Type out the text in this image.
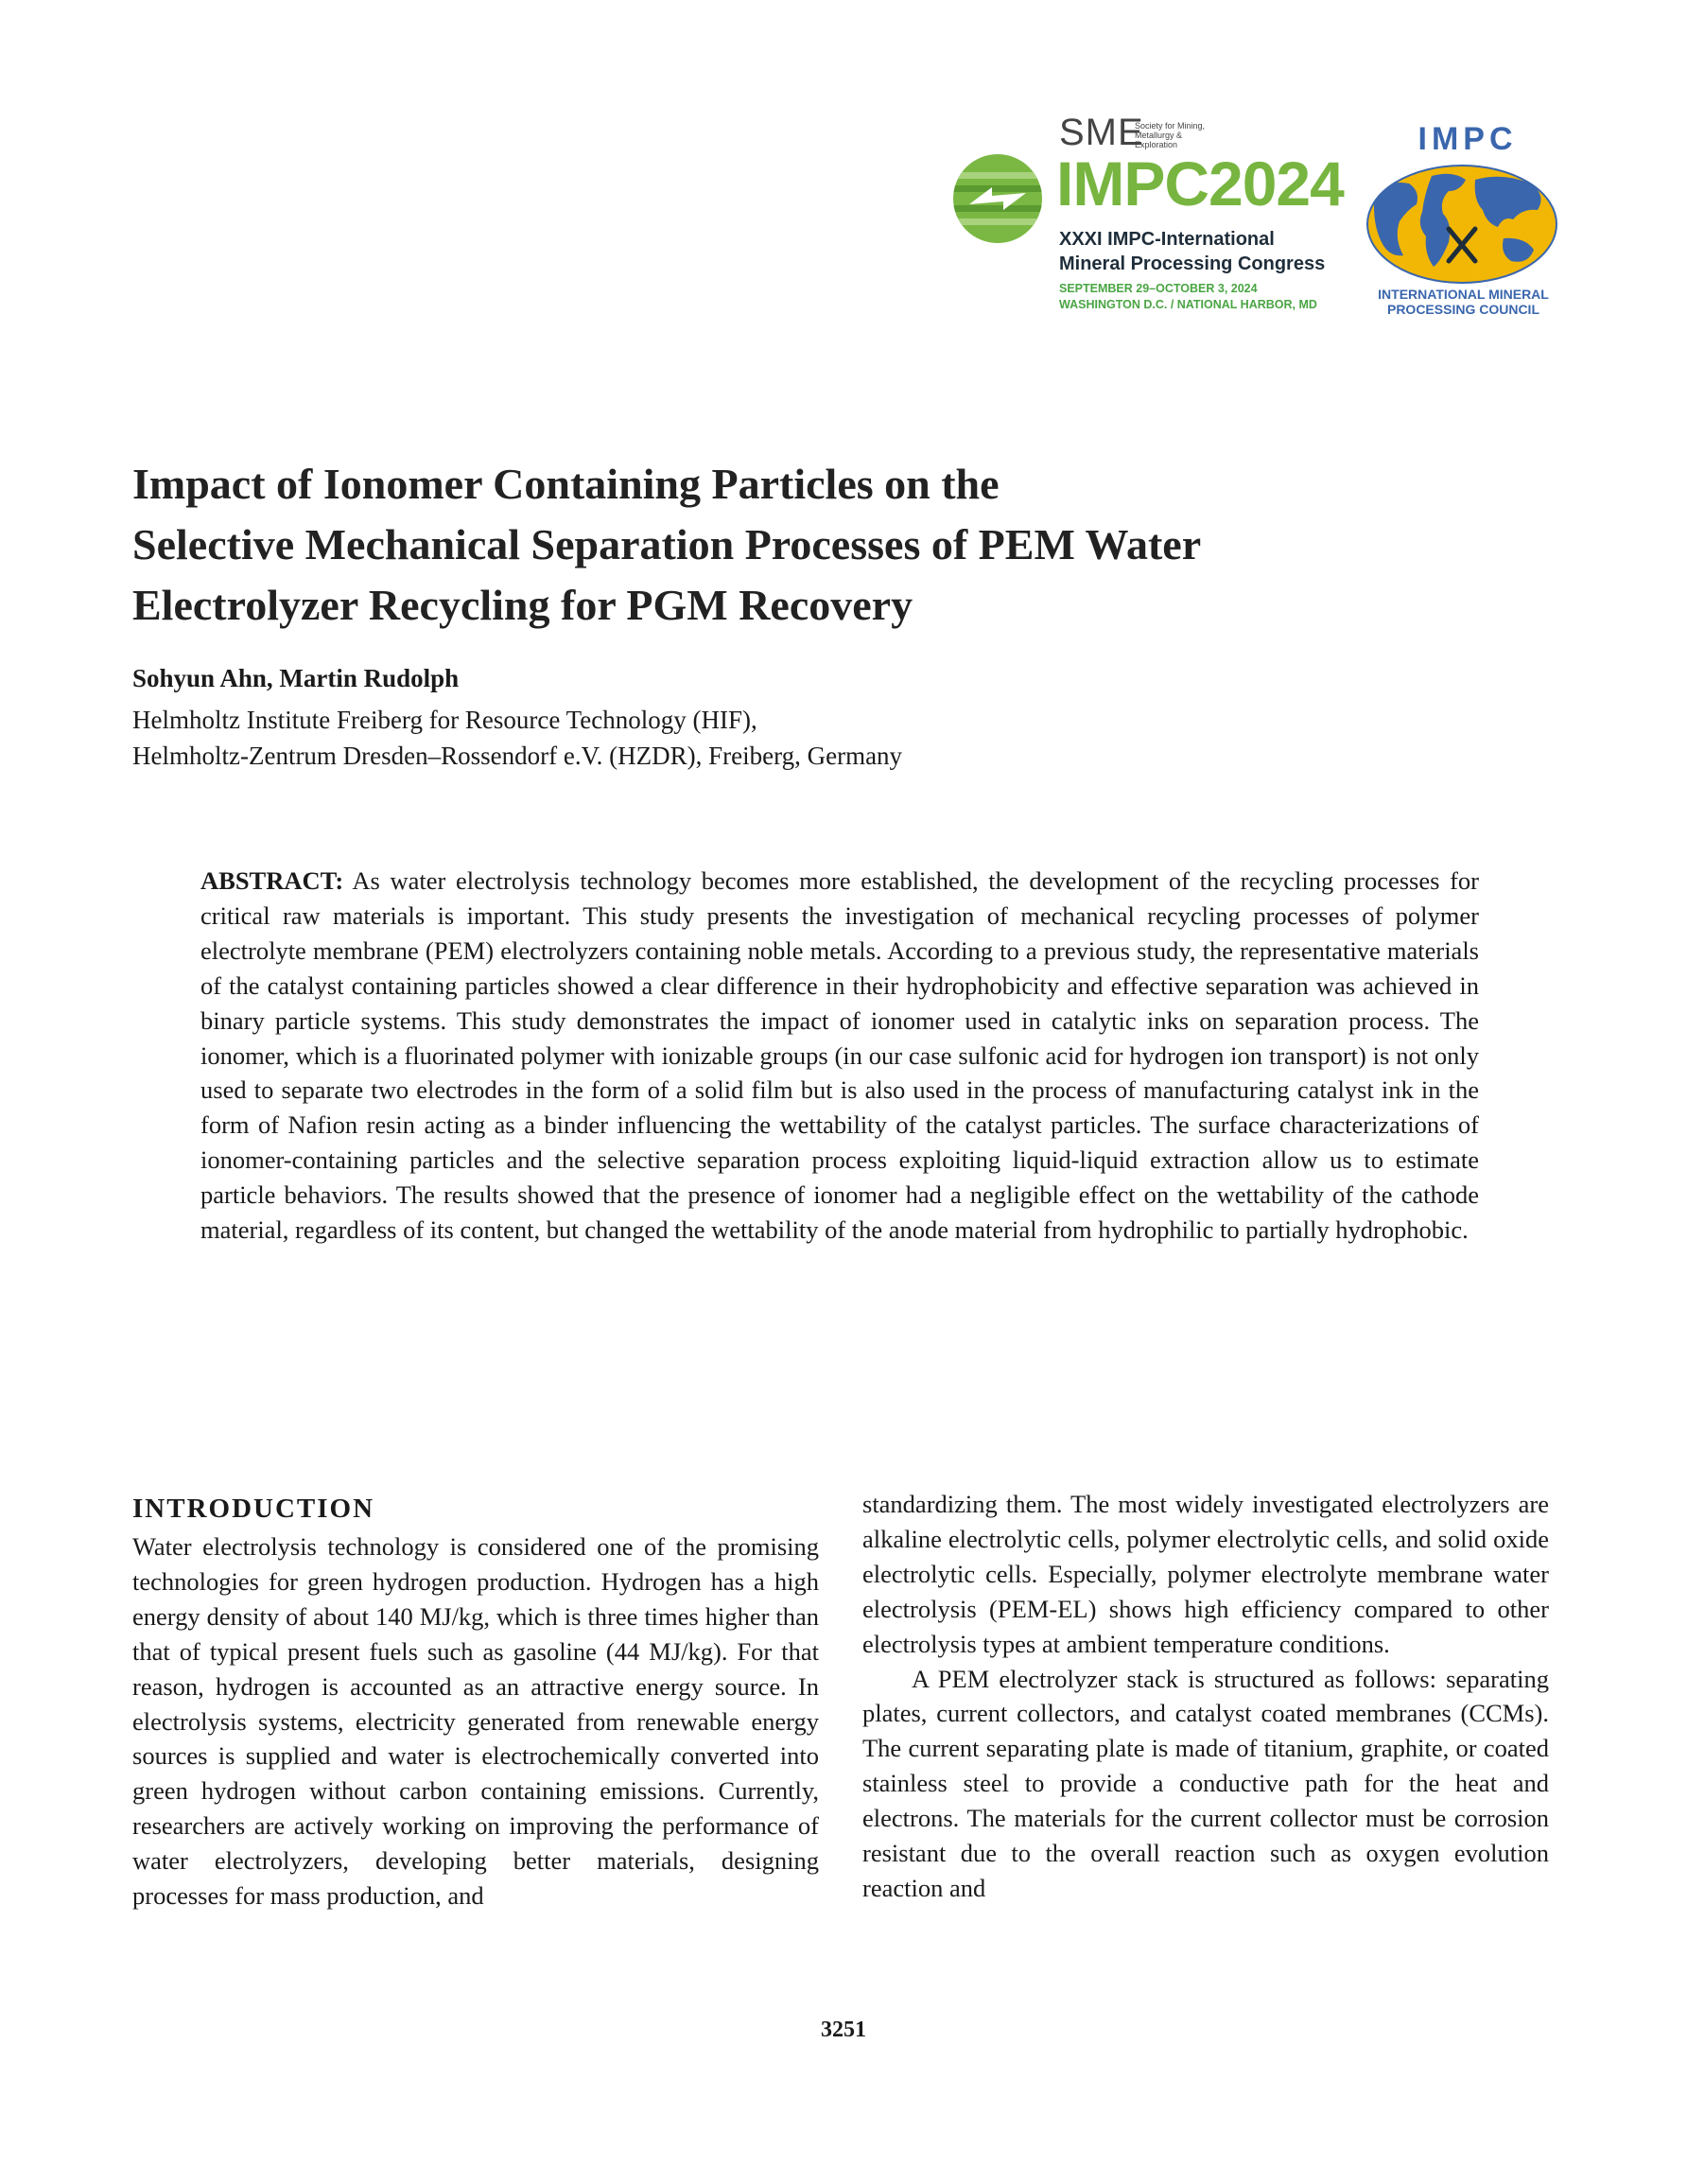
SME
Society for Mining, Metallurgy & Exploration
IMPC2024
XXXI IMPC-International
Mineral Processing Congress
SEPTEMBER 29–OCTOBER 3, 2024
WASHINGTON D.C. / NATIONAL HARBOR, MD
IMPC
INTERNATIONAL MINERAL
PROCESSING COUNCIL
Impact of Ionomer Containing Particles on the
Selective Mechanical Separation Processes of PEM Water
Electrolyzer Recycling for PGM Recovery
Sohyun Ahn, Martin Rudolph
Helmholtz Institute Freiberg for Resource Technology (HIF),
Helmholtz-Zentrum Dresden–Rossendorf e.V. (HZDR), Freiberg, Germany

ABSTRACT: As water electrolysis technology becomes more established, the development of the recycling processes for critical raw materials is important. This study presents the investigation of mechanical recycling processes of polymer electrolyte membrane (PEM) electrolyzers containing noble metals. According to a previous study, the representative materials of the catalyst containing particles showed a clear difference in their hydrophobicity and effective separation was achieved in binary particle systems. This study demonstrates the impact of ionomer used in catalytic inks on separation process. The ionomer, which is a fluorinated polymer with ionizable groups (in our case sulfonic acid for hydrogen ion transport) is not only used to separate two electrodes in the form of a solid film but is also used in the process of manufacturing catalyst ink in the form of Nafion resin acting as a binder influencing the wettability of the catalyst particles. The surface characterizations of ionomer-containing particles and the selective separation process exploiting liquid-liquid extraction allow us to estimate particle behaviors. The results showed that the presence of ionomer had a negligible effect on the wettability of the cathode material, regardless of its content, but changed the wettability of the anode material from hydrophilic to partially hydrophobic.

INTRODUCTION

Water electrolysis technology is considered one of the promising technologies for green hydrogen production. Hydrogen has a high energy density of about 140 MJ/kg, which is three times higher than that of typical present fuels such as gasoline (44 MJ/kg). For that reason, hydrogen is accounted as an attractive energy source. In electrolysis systems, electricity generated from renewable energy sources is supplied and water is electrochemically converted into green hydrogen without carbon containing emissions. Currently, researchers are actively working on improving the performance of water electrolyzers, developing better materials, designing processes for mass production, and

standardizing them. The most widely investigated electrolyzers are alkaline electrolytic cells, polymer electrolytic cells, and solid oxide electrolytic cells. Especially, polymer electrolyte membrane water electrolysis (PEM-EL) shows high efficiency compared to other electrolysis types at ambient temperature conditions.

A PEM electrolyzer stack is structured as follows: separating plates, current collectors, and catalyst coated membranes (CCMs). The current separating plate is made of titanium, graphite, or coated stainless steel to provide a conductive path for the heat and electrons. The materials for the current collector must be corrosion resistant due to the overall reaction such as oxygen evolution reaction and

3251
